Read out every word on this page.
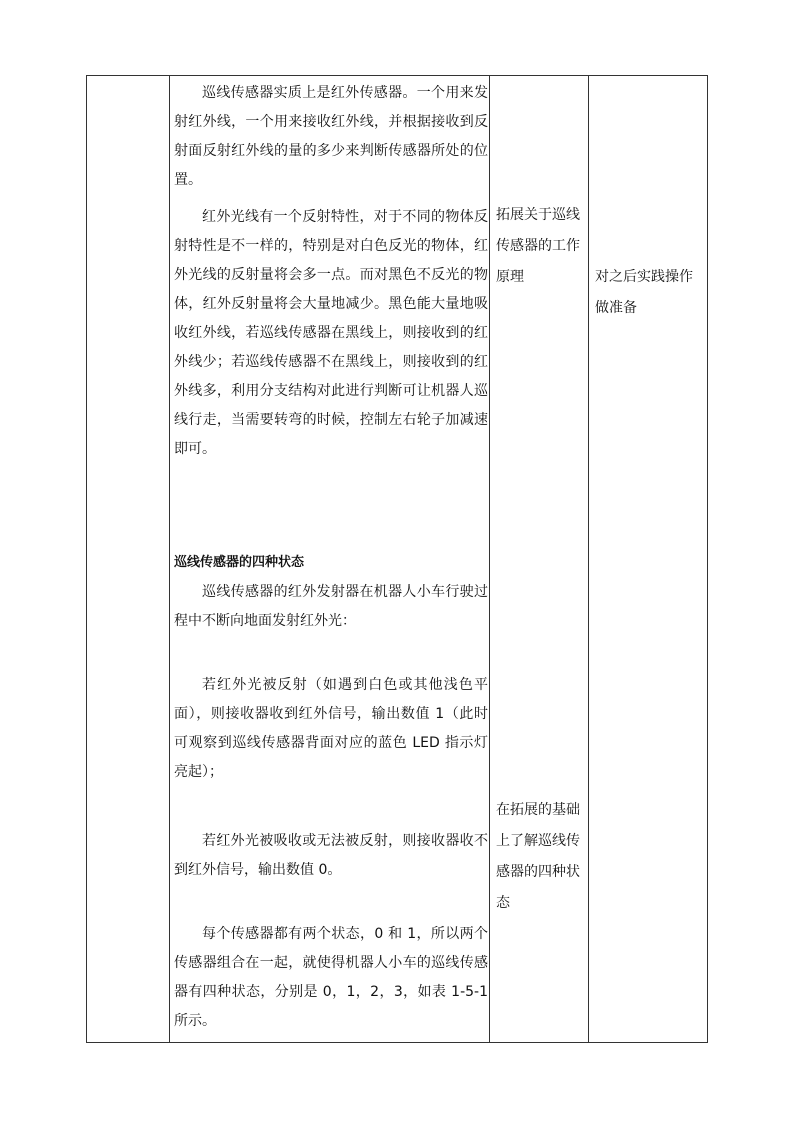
巡线传感器实质上是红外传感器。一个用来发射红外线，一个用来接收红外线，并根据接收到反射面反射红外线的量的多少来判断传感器所处的位置。

红外光线有一个反射特性，对于不同的物体反射特性是不一样的，特别是对白色反光的物体，红外光线的反射量将会多一点。而对黑色不反光的物体，红外反射量将会大量地减少。黑色能大量地吸收红外线，若巡线传感器在黑线上，则接收到的红外线少；若巡线传感器不在黑线上，则接收到的红外线多，利用分支结构对此进行判断可让机器人巡线行走，当需要转弯的时候，控制左右轮子加减速即可。

巡线传感器的四种状态

巡线传感器的红外发射器在机器人小车行驶过程中不断向地面发射红外光：

若红外光被反射（如遇到白色或其他浅色平面），则接收器收到红外信号，输出数值 1（此时可观察到巡线传感器背面对应的蓝色 LED 指示灯亮起）；

若红外光被吸收或无法被反射，则接收器收不到红外信号，输出数值 0。

每个传感器都有两个状态，0 和 1，所以两个传感器组合在一起，就使得机器人小车的巡线传感器有四种状态，分别是 0，1，2，3，如表 1-5-1 所示。

拓展关于巡线传感器的工作原理

在拓展的基础上了解巡线传感器的四种状态

对之后实践操作做准备
